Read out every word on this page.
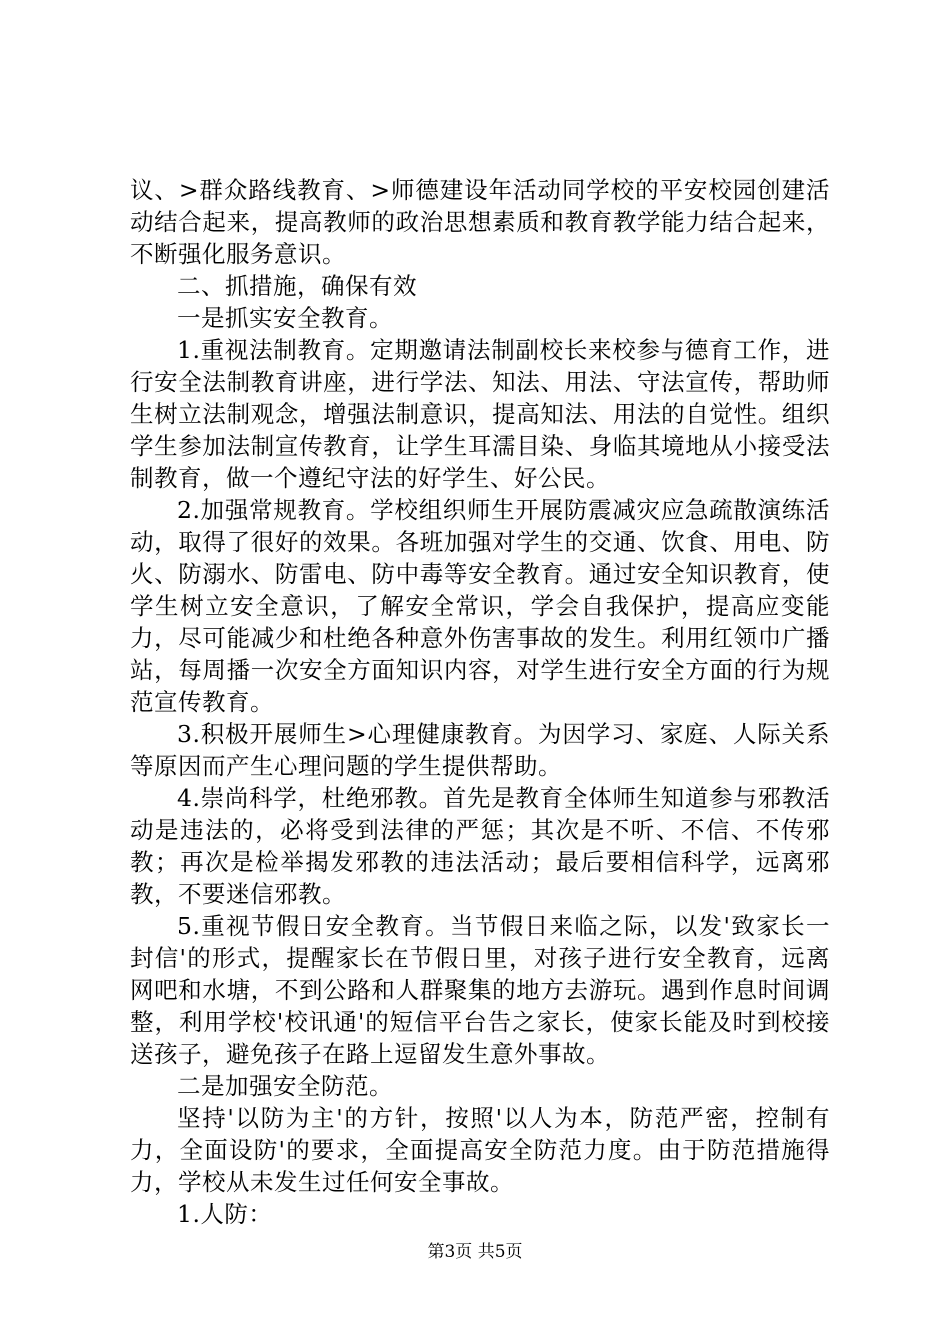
议、>群众路线教育、>师德建设年活动同学校的平安校园创建活动结合起来，提高教师的政治思想素质和教育教学能力结合起来，不断强化服务意识。

二、抓措施，确保有效

一是抓实安全教育。

1.重视法制教育。定期邀请法制副校长来校参与德育工作，进行安全法制教育讲座，进行学法、知法、用法、守法宣传，帮助师生树立法制观念，增强法制意识，提高知法、用法的自觉性。组织学生参加法制宣传教育，让学生耳濡目染、身临其境地从小接受法制教育，做一个遵纪守法的好学生、好公民。

2.加强常规教育。学校组织师生开展防震减灾应急疏散演练活动，取得了很好的效果。各班加强对学生的交通、饮食、用电、防火、防溺水、防雷电、防中毒等安全教育。通过安全知识教育，使学生树立安全意识，了解安全常识，学会自我保护，提高应变能力，尽可能减少和杜绝各种意外伤害事故的发生。利用红领巾广播站，每周播一次安全方面知识内容，对学生进行安全方面的行为规范宣传教育。

3.积极开展师生>心理健康教育。为因学习、家庭、人际关系等原因而产生心理问题的学生提供帮助。

4.崇尚科学，杜绝邪教。首先是教育全体师生知道参与邪教活动是违法的，必将受到法律的严惩；其次是不听、不信、不传邪教；再次是检举揭发邪教的违法活动；最后要相信科学，远离邪教，不要迷信邪教。

5.重视节假日安全教育。当节假日来临之际，以发'致家长一封信'的形式，提醒家长在节假日里，对孩子进行安全教育，远离网吧和水塘，不到公路和人群聚集的地方去游玩。遇到作息时间调整，利用学校'校讯通'的短信平台告之家长，使家长能及时到校接送孩子，避免孩子在路上逗留发生意外事故。

二是加强安全防范。

坚持'以防为主'的方针，按照'以人为本，防范严密，控制有力，全面设防'的要求，全面提高安全防范力度。由于防范措施得力，学校从未发生过任何安全事故。

1.人防：

第3页 共5页
